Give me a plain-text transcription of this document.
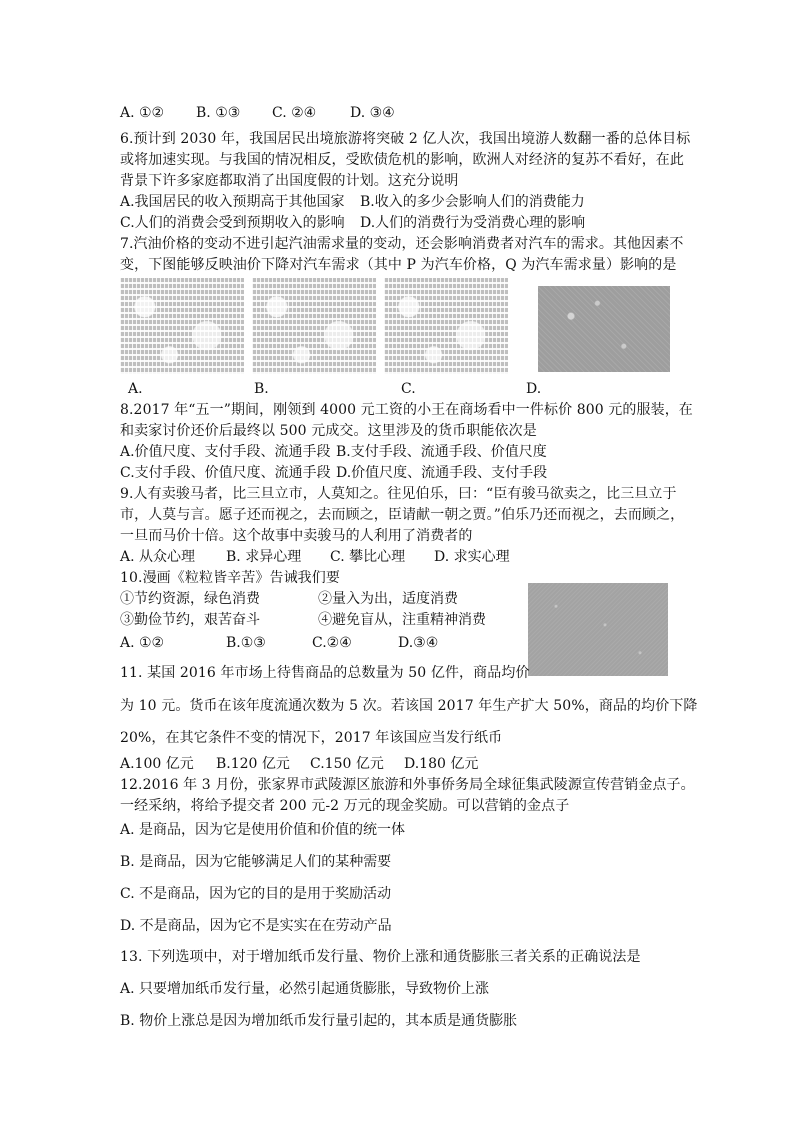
A. ①② B. ①③ C. ②④ D. ③④
6.预计到 2030 年，我国居民出境旅游将突破 2 亿人次，我国出境游人数翻一番的总体目标
或将加速实现。与我国的情况相反，受欧债危机的影响，欧洲人对经济的复苏不看好，在此
背景下许多家庭都取消了出国度假的计划。这充分说明
A.我国居民的收入预期高于其他国家 B.收入的多少会影响人们的消费能力
C.人们的消费会受到预期收入的影响 D.人们的消费行为受消费心理的影响
7.汽油价格的变动不进引起汽油需求量的变动，还会影响消费者对汽车的需求。其他因素不
变，下图能够反映油价下降对汽车需求（其中 P 为汽车价格，Q 为汽车需求量）影响的是
A.	B.	C.	D.
8.2017 年“五一”期间，刚领到 4000 元工资的小王在商场看中一件标价 800 元的服装，在
和卖家讨价还价后最终以 500 元成交。这里涉及的货币职能依次是
A.价值尺度、支付手段、流通手段 B.支付手段、流通手段、价值尺度
C.支付手段、价值尺度、流通手段 D.价值尺度、流通手段、支付手段
9.人有卖骏马者，比三旦立市，人莫知之。往见伯乐，曰：“臣有骏马欲卖之，比三旦立于
市，人莫与言。愿子还而视之，去而顾之，臣请献一朝之贾。”伯乐乃还而视之，去而顾之，
一旦而马价十倍。这个故事中卖骏马的人利用了消费者的
A. 从众心理 B. 求异心理 C. 攀比心理 D. 求实心理
10.漫画《粒粒皆辛苦》告诫我们要
①节约资源，绿色消费	②量入为出，适度消费
③勤俭节约，艰苦奋斗	④避免盲从，注重精神消费
A. ①②	B.①③	C.②④	D.③④
11. 某国 2016 年市场上待售商品的总数量为 50 亿件，商品均价
为 10 元。货币在该年度流通次数为 5 次。若该国 2017 年生产扩大 50%，商品的均价下降
20%，在其它条件不变的情况下，2017 年该国应当发行纸币
A.100 亿元 B.120 亿元 C.150 亿元 D.180 亿元
12.2016 年 3 月份，张家界市武陵源区旅游和外事侨务局全球征集武陵源宣传营销金点子。
一经采纳，将给予提交者 200 元-2 万元的现金奖励。可以营销的金点子
A. 是商品，因为它是使用价值和价值的统一体
B. 是商品，因为它能够满足人们的某种需要
C. 不是商品，因为它的目的是用于奖励活动
D. 不是商品，因为它不是实实在在劳动产品
13. 下列选项中，对于增加纸币发行量、物价上涨和通货膨胀三者关系的正确说法是
A. 只要增加纸币发行量，必然引起通货膨胀，导致物价上涨
B. 物价上涨总是因为增加纸币发行量引起的，其本质是通货膨胀
